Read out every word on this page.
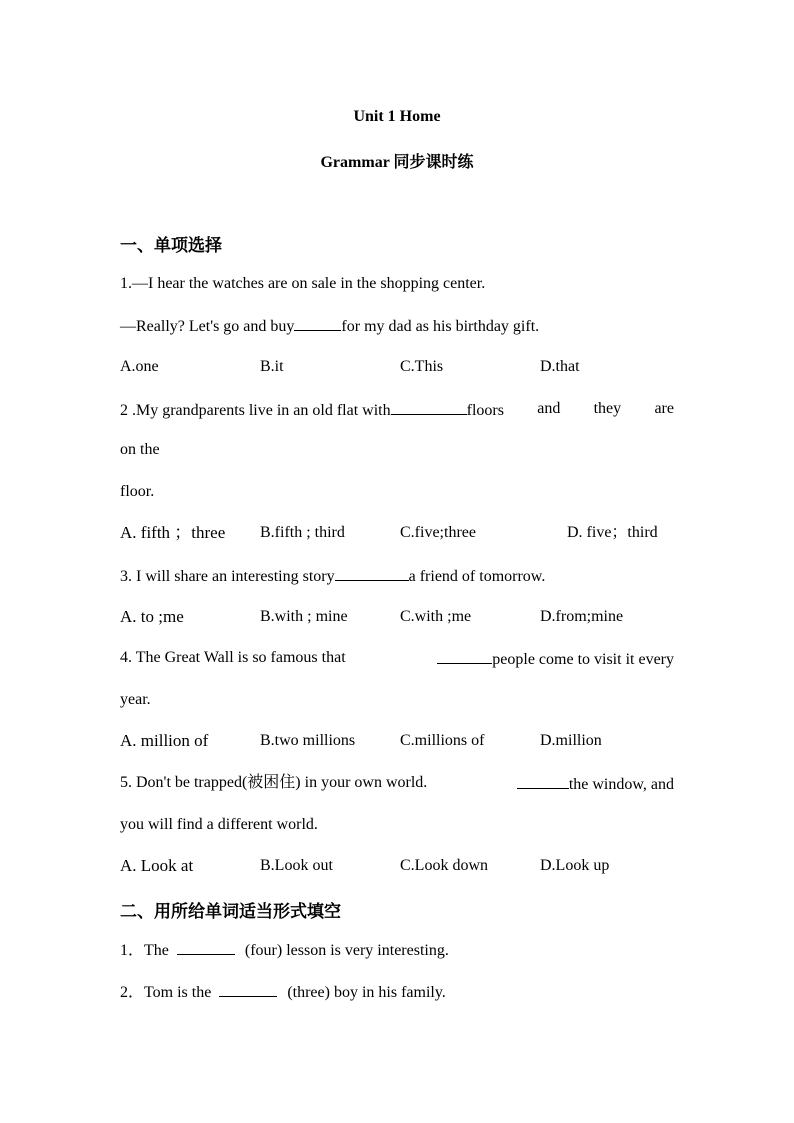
Unit 1 Home
Grammar 同步课时练
一、单项选择
1.—I hear the watches are on sale in the shopping center.
—Really? Let's go and buy	for my dad as his birthday gift.
A.one	B.it	C.This	D.that
2 .My grandparents live in an old flat with	floors and they are
on the
floor.
A. fifth ；three B.fifth ; third	C.five;three	D. five；third
3. I will share an interesting story	a friend of tomorrow.
A. to ;me	B.with ; mine	C.with ;me	D.from;mine
4. The Great Wall is so famous that	people come to visit it every
year.
A. million of	B.two millions	C.millions of	D.million
5. Don't be trapped(被困住) in your own world.	the window, and
you will find a different world.
A. Look at	B.Look out	C.Look down	D.Look up
二、用所给单词适当形式填空
1．The	(four) lesson is very interesting.
2．Tom is the	(three) boy in his family.
